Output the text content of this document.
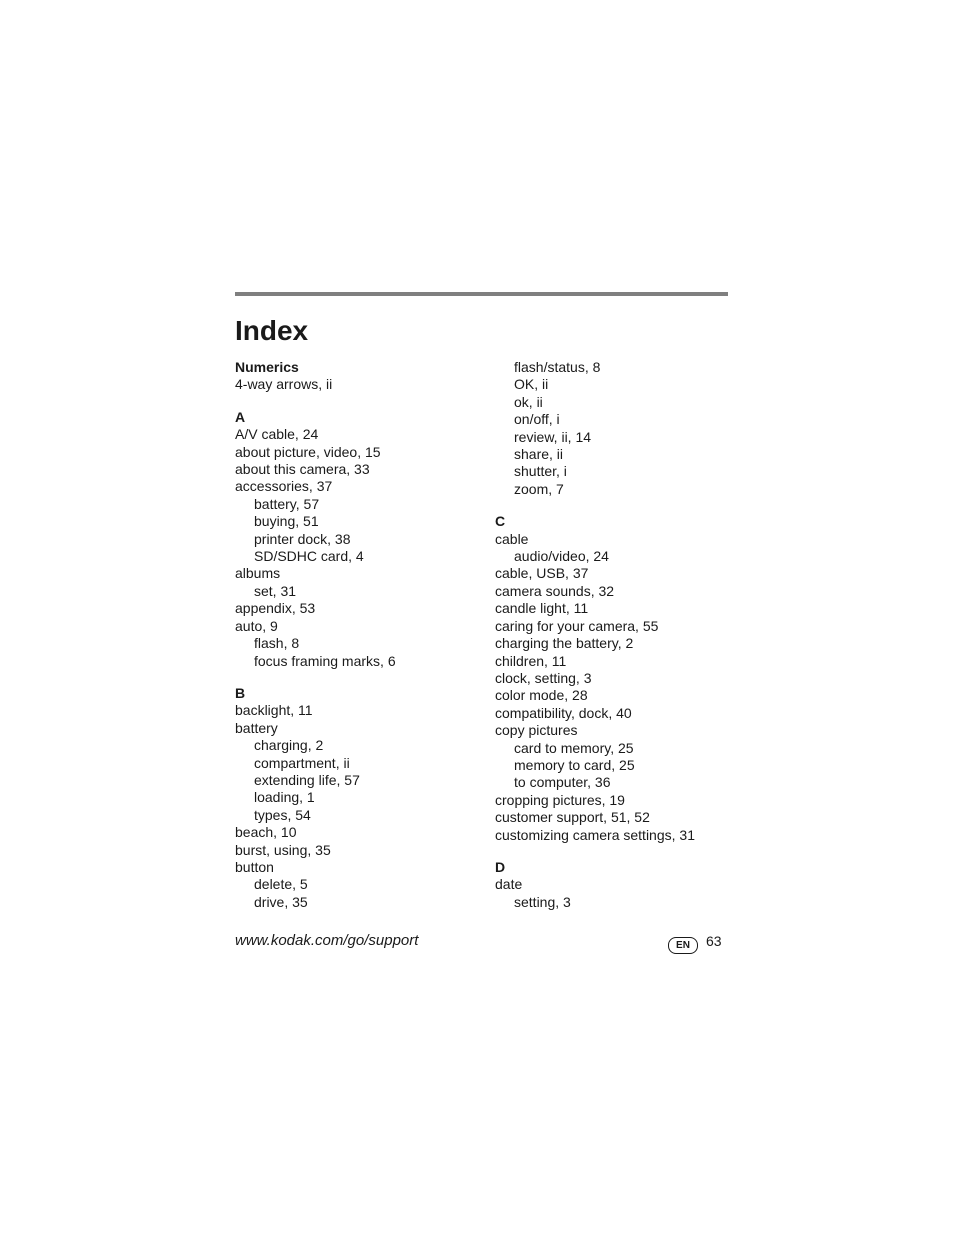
Index
Numerics
4-way arrows, ii
A
A/V cable, 24
about picture, video, 15
about this camera, 33
accessories, 37
battery, 57
buying, 51
printer dock, 38
SD/SDHC card, 4
albums
set, 31
appendix, 53
auto, 9
flash, 8
focus framing marks, 6
B
backlight, 11
battery
charging, 2
compartment, ii
extending life, 57
loading, 1
types, 54
beach, 10
burst, using, 35
button
delete, 5
drive, 35
flash/status, 8
OK, ii
ok, ii
on/off, i
review, ii, 14
share, ii
shutter, i
zoom, 7
C
cable
audio/video, 24
cable, USB, 37
camera sounds, 32
candle light, 11
caring for your camera, 55
charging the battery, 2
children, 11
clock, setting, 3
color mode, 28
compatibility, dock, 40
copy pictures
card to memory, 25
memory to card, 25
to computer, 36
cropping pictures, 19
customer support, 51, 52
customizing camera settings, 31
D
date
setting, 3
www.kodak.com/go/support	EN	63
